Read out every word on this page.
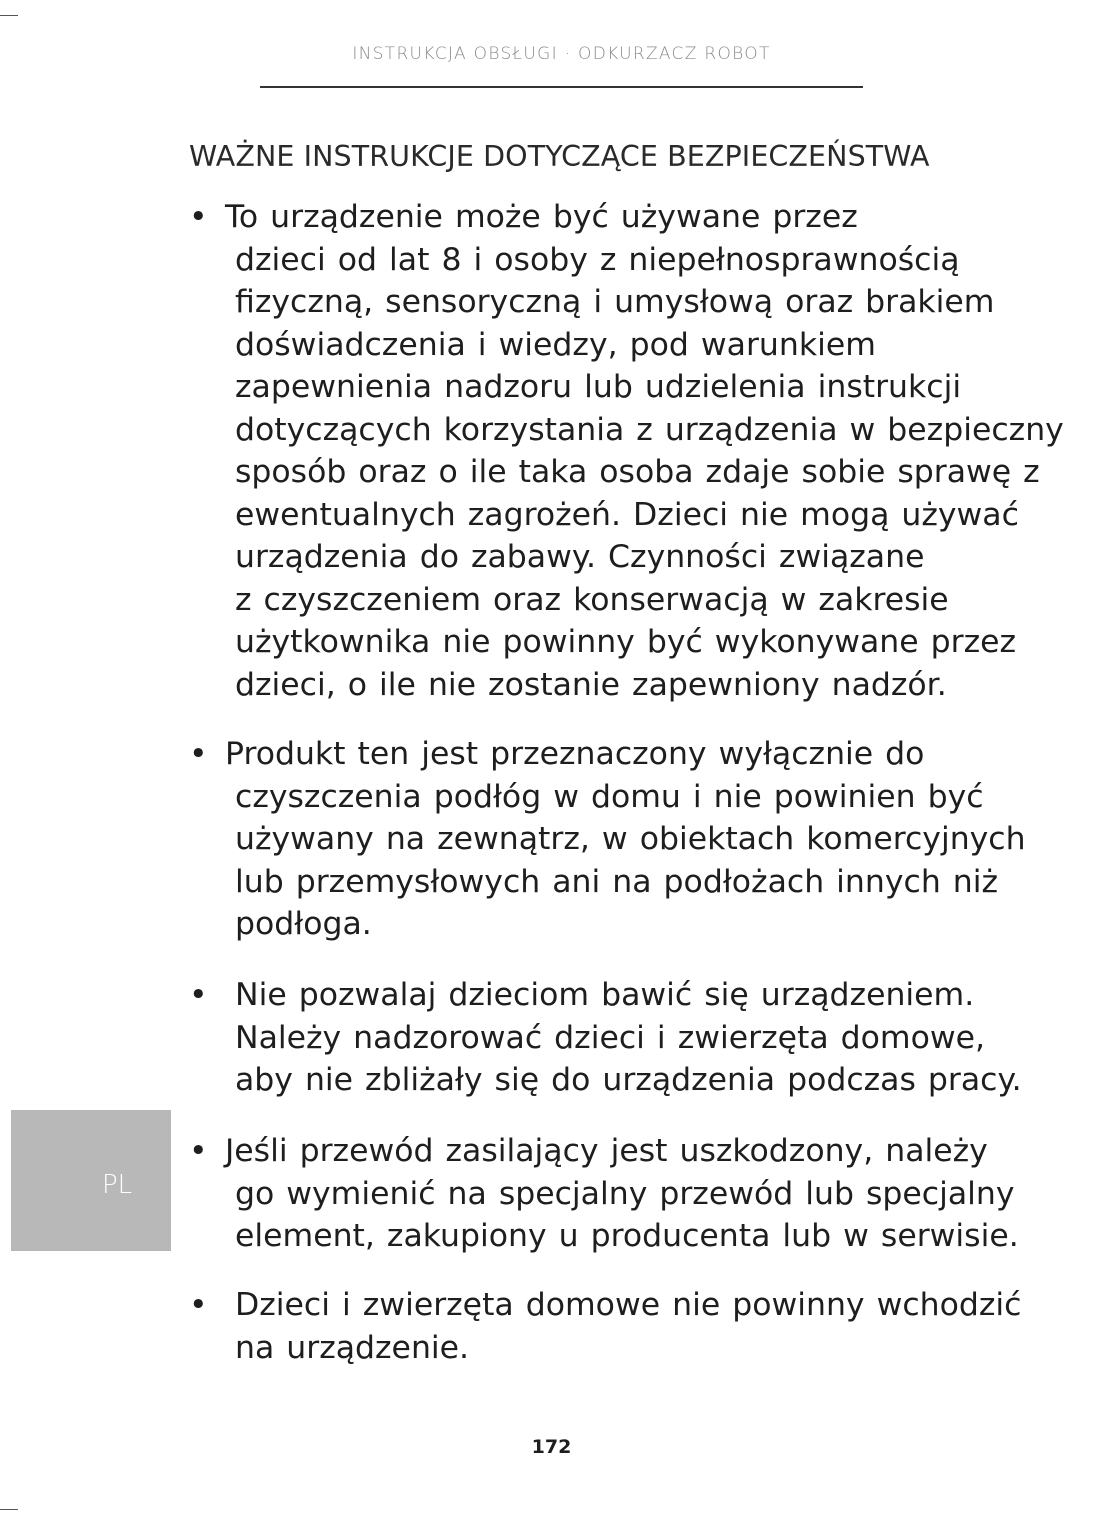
INSTRUKCJA OBSŁUGI · ODKURZACZ ROBOT
WAŻNE INSTRUKCJE DOTYCZĄCE BEZPIECZEŃSTWA
• To urządzenie może być używane przez
dzieci od lat 8 i osoby z niepełnosprawnością
fizyczną, sensoryczną i umysłową oraz brakiem
doświadczenia i wiedzy, pod warunkiem
zapewnienia nadzoru lub udzielenia instrukcji
dotyczących korzystania z urządzenia w bezpieczny
sposób oraz o ile taka osoba zdaje sobie sprawę z
ewentualnych zagrożeń. Dzieci nie mogą używać
urządzenia do zabawy. Czynności związane
z czyszczeniem oraz konserwacją w zakresie
użytkownika nie powinny być wykonywane przez
dzieci, o ile nie zostanie zapewniony nadzór.
• Produkt ten jest przeznaczony wyłącznie do
czyszczenia podłóg w domu i nie powinien być
używany na zewnątrz, w obiektach komercyjnych
lub przemysłowych ani na podłożach innych niż
podłoga.
• Nie pozwalaj dzieciom bawić się urządzeniem.
Należy nadzorować dzieci i zwierzęta domowe,
aby nie zbliżały się do urządzenia podczas pracy.
PL
• Jeśli przewód zasilający jest uszkodzony, należy
go wymienić na specjalny przewód lub specjalny
element, zakupiony u producenta lub w serwisie.
• Dzieci i zwierzęta domowe nie powinny wchodzić
na urządzenie.
172
